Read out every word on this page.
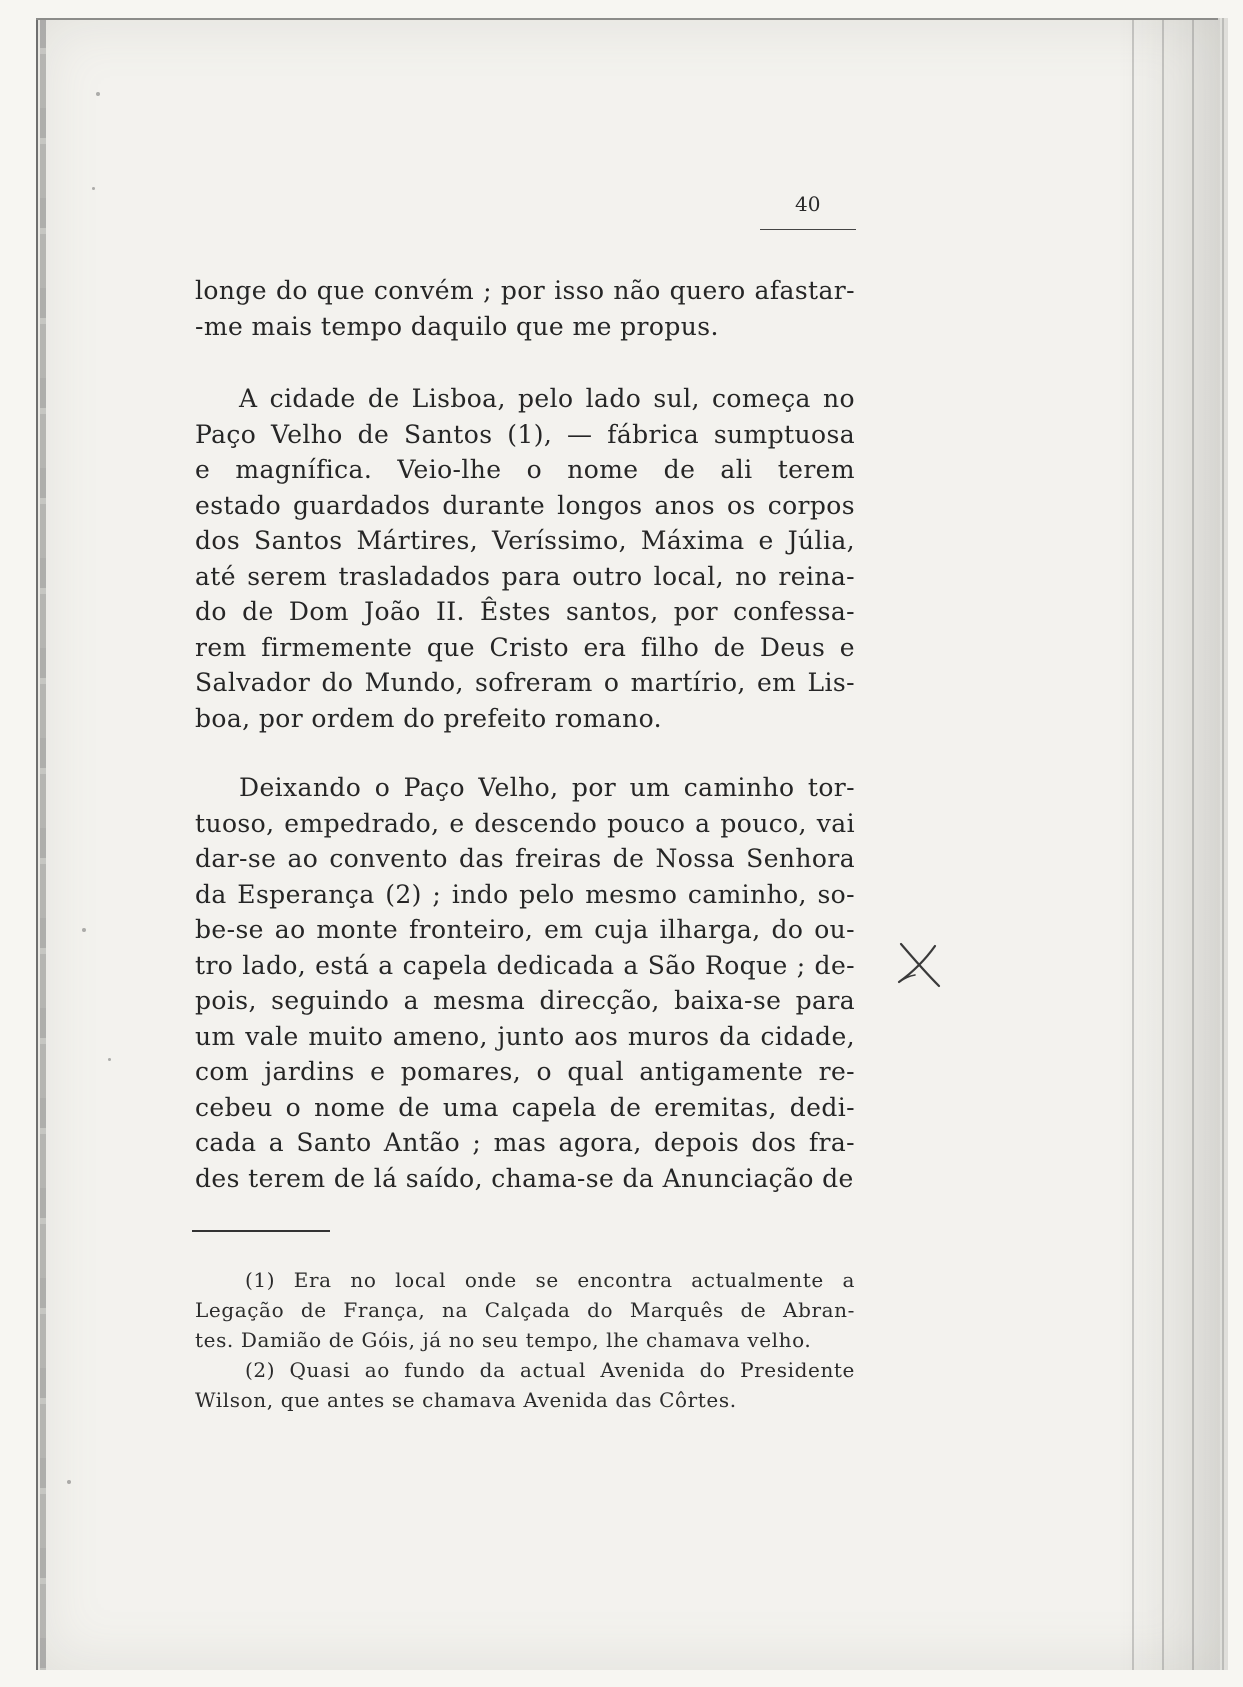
40
longe do que convém ; por isso não quero afastar-
-me mais tempo daquilo que me propus.
A cidade de Lisboa, pelo lado sul, começa no
Paço Velho de Santos (1), — fábrica sumptuosa
e magnífica. Veio-lhe o nome de ali terem
estado guardados durante longos anos os corpos
dos Santos Mártires, Veríssimo, Máxima e Júlia,
até serem trasladados para outro local, no reina-
do de Dom João II. Êstes santos, por confessa-
rem firmemente que Cristo era filho de Deus e
Salvador do Mundo, sofreram o martírio, em Lis-
boa, por ordem do prefeito romano.
Deixando o Paço Velho, por um caminho tor-
tuoso, empedrado, e descendo pouco a pouco, vai
dar-se ao convento das freiras de Nossa Senhora
da Esperança (2) ; indo pelo mesmo caminho, so-
be-se ao monte fronteiro, em cuja ilharga, do ou-
tro lado, está a capela dedicada a São Roque ; de-
pois, seguindo a mesma direcção, baixa-se para
um vale muito ameno, junto aos muros da cidade,
com jardins e pomares, o qual antigamente re-
cebeu o nome de uma capela de eremitas, dedi-
cada a Santo Antão ; mas agora, depois dos fra-
des terem de lá saído, chama-se da Anunciação de
(1) Era no local onde se encontra actualmente a
Legação de França, na Calçada do Marquês de Abran-
tes. Damião de Góis, já no seu tempo, lhe chamava velho.
(2) Quasi ao fundo da actual Avenida do Presidente
Wilson, que antes se chamava Avenida das Côrtes.
